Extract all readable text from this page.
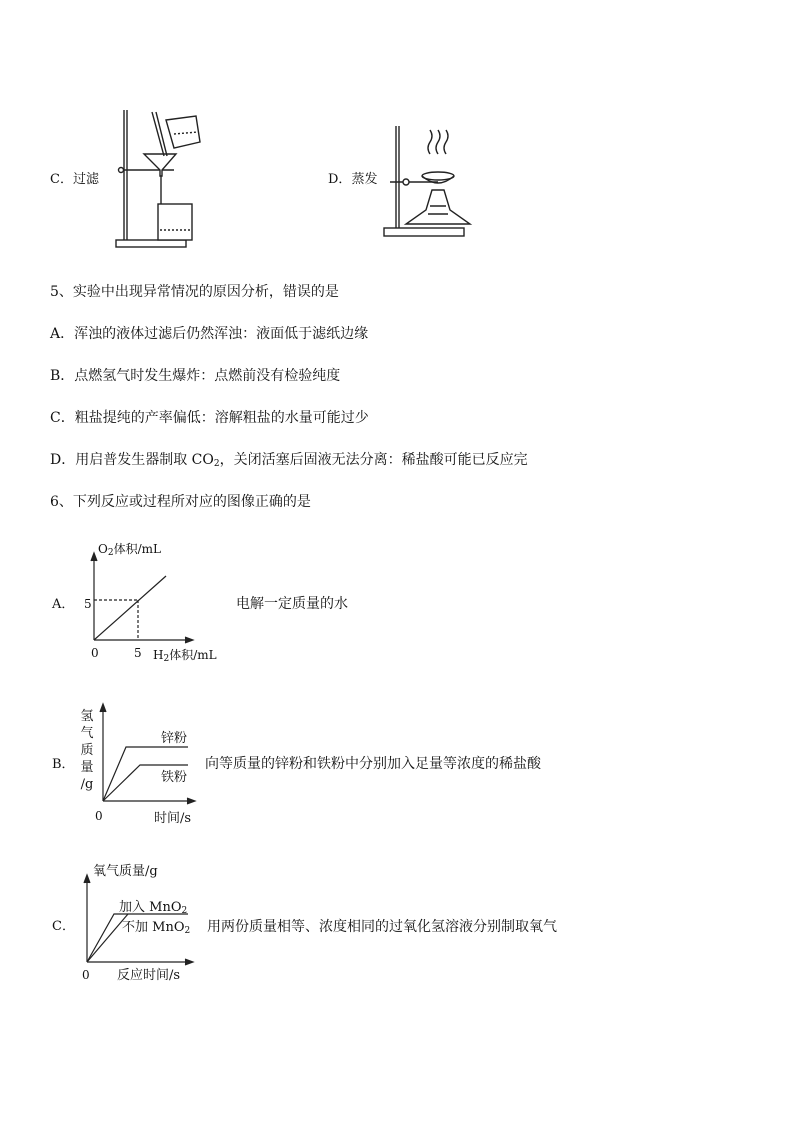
C．过滤	D．蒸发
5、实验中出现异常情况的原因分析，错误的是
A．浑浊的液体过滤后仍然浑浊：液面低于滤纸边缘
B．点燃氢气时发生爆炸：点燃前没有检验纯度
C．粗盐提纯的产率偏低：溶解粗盐的水量可能过少
D．用启普发生器制取 $CO_2$，关闭活塞后固液无法分离：稀盐酸可能已反应完
6、下列反应或过程所对应的图像正确的是
A．
$O_2$体积/mL
5
0	5 $H_2$体积/mL
电解一定质量的水
B．
氢
气
质
量
/g
锌粉
铁粉
0	时间/s
向等质量的锌粉和铁粉中分别加入足量等浓度的稀盐酸
C．
氧气质量/g
加入 MnO$_2$
不加 MnO$_2$
0 反应时间/s
用两份质量相等、浓度相同的过氧化氢溶液分别制取氧气
